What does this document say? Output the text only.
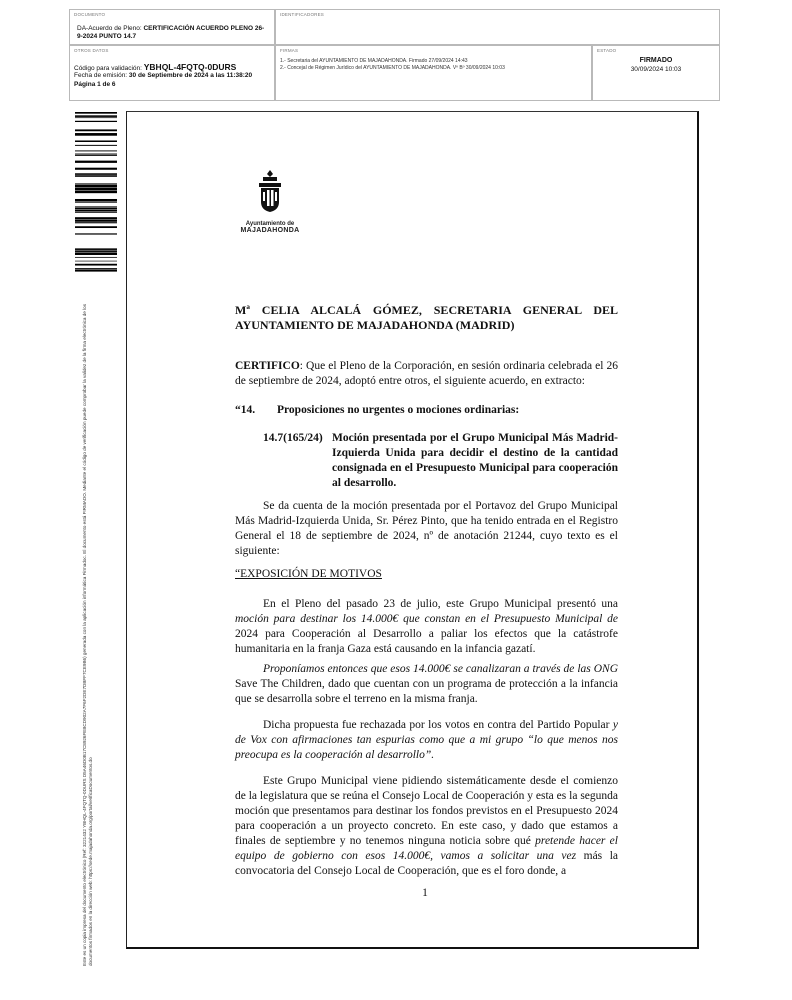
DOCUMENTO
DA-Acuerdo de Pleno: CERTIFICACIÓN ACUERDO PLENO 26-9-2024 PUNTO 14.7
IDENTIFICADORES
OTROS DATOS
Código para validación: YBHQL-4FQTQ-0DURS
Fecha de emisión: 30 de Septiembre de 2024 a las 11:38:20
Página 1 de 6
FIRMAS
1.- Secretaria del AYUNTAMIENTO DE MAJADAHONDA. Firmado 27/09/2024 14:43
2.- Concejal de Régimen Jurídico del AYUNTAMIENTO DE MAJADAHONDA. Vº Bº 30/09/2024 10:03
ESTADO
FIRMADO
30/09/2024 10:03
Este es un copia impresa del documento electrónico (Ref: 3221432 YBHQL-4FQTQ-0DURS D5A46D0B17C8926FEBCD902A7F6F2DE7DBFF7CE9B6) generada con la aplicación informática Firmadoc. El documento está FIRMADO. Mediante el código de verificación puede comprobar la validez de la firma electrónica de los documentos firmados en la dirección web: https://sede.majadahonda.org/portal/verificaDocumentos.do
Ayuntamiento de
MAJADAHONDA
Mª CELIA ALCALÁ GÓMEZ, SECRETARIA GENERAL DEL AYUNTAMIENTO DE MAJADAHONDA (MADRID)
CERTIFICO: Que el Pleno de la Corporación, en sesión ordinaria celebrada el 26 de septiembre de 2024, adoptó entre otros, el siguiente acuerdo, en extracto:
“14.	Proposiciones no urgentes o mociones ordinarias:
14.7(165/24) Moción presentada por el Grupo Municipal Más Madrid-Izquierda Unida para decidir el destino de la cantidad consignada en el Presupuesto Municipal para cooperación al desarrollo.
Se da cuenta de la moción presentada por el Portavoz del Grupo Municipal Más Madrid-Izquierda Unida, Sr. Pérez Pinto, que ha tenido entrada en el Registro General el 18 de septiembre de 2024, nº de anotación 21244, cuyo texto es el siguiente:
“EXPOSICIÓN DE MOTIVOS
En el Pleno del pasado 23 de julio, este Grupo Municipal presentó una moción para destinar los 14.000€ que constan en el Presupuesto Municipal de 2024 para Cooperación al Desarrollo a paliar los efectos que la catástrofe humanitaria en la franja Gaza está causando en la infancia gazatí.
Proponíamos entonces que esos 14.000€ se canalizaran a través de las ONG Save The Children, dado que cuentan con un programa de protección a la infancia que se desarrolla sobre el terreno en la misma franja.
Dicha propuesta fue rechazada por los votos en contra del Partido Popular y de Vox con afirmaciones tan espurias como que a mi grupo “lo que menos nos preocupa es la cooperación al desarrollo”.
Este Grupo Municipal viene pidiendo sistemáticamente desde el comienzo de la legislatura que se reúna el Consejo Local de Cooperación y esta es la segunda moción que presentamos para destinar los fondos previstos en el Presupuesto 2024 para cooperación a un proyecto concreto. En este caso, y dado que estamos a finales de septiembre y no tenemos ninguna noticia sobre qué pretende hacer el equipo de gobierno con esos 14.000€, vamos a solicitar una vez más la convocatoria del Consejo Local de Cooperación, que es el foro donde, a
1
